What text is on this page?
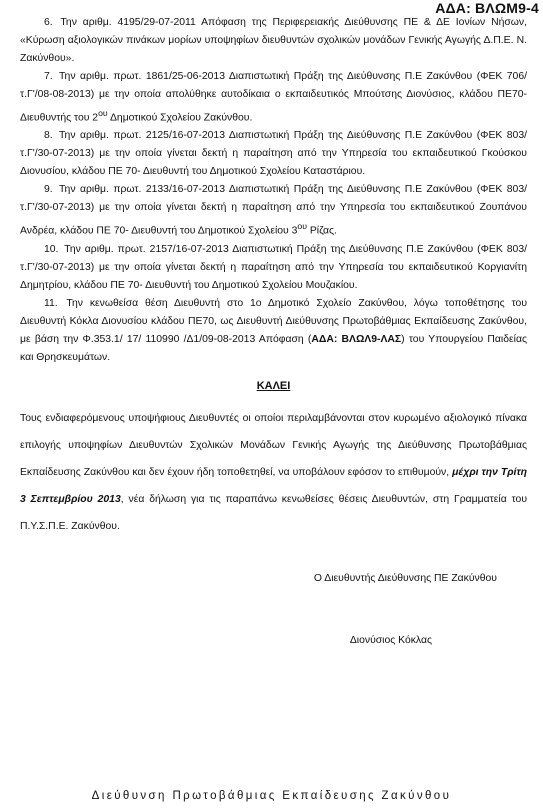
ΑΔΑ: ΒΛΩΜ9-4

6. Την αριθμ. 4195/29-07-2011 Απόφαση της Περιφερειακής Διεύθυνσης ΠΕ & ΔΕ Ιονίων Νήσων, «Κύρωση αξιολογικών πινάκων μορίων υποψηφίων διευθυντών σχολικών μονάδων Γενικής Αγωγής Δ.Π.Ε. Ν. Ζακύνθου».

7. Την αριθμ. πρωτ. 1861/25-06-2013 Διαπιστωτική Πράξη της Διεύθυνσης Π.Ε Ζακύνθου (ΦΕΚ 706/τ.Γ'/08-08-2013) με την οποία απολύθηκε αυτοδίκαια ο εκπαιδευτικός Μπούτσης Διονύσιος, κλάδου ΠΕ70-Διευθυντής του $2^{o\upsilon}$ Δημοτικού Σχολείου Ζακύνθου.

8. Την αριθμ. πρωτ. 2125/16-07-2013 Διαπιστωτική Πράξη της Διεύθυνσης Π.Ε Ζακύνθου (ΦΕΚ 803/τ.Γ'/30-07-2013) με την οποία γίνεται δεκτή η παραίτηση από την Υπηρεσία του εκπαιδευτικού Γκούσκου Διονυσίου, κλάδου ΠΕ 70- Διευθυντή του Δημοτικού Σχολείου Καταστάριου.

9. Την αριθμ. πρωτ. 2133/16-07-2013 Διαπιστωτική Πράξη της Διεύθυνσης Π.Ε Ζακύνθου (ΦΕΚ 803/τ.Γ'/30-07-2013) με την οποία γίνεται δεκτή η παραίτηση από την Υπηρεσία του εκπαιδευτικού Ζουπάνου Ανδρέα, κλάδου ΠΕ 70- Διευθυντή του Δημοτικού Σχολείου $3^{o\upsilon}$ Ρίζας.

10. Την αριθμ. πρωτ. 2157/16-07-2013 Διαπιστωτική Πράξη της Διεύθυνσης Π.Ε Ζακύνθου (ΦΕΚ 803/τ.Γ'/30-07-2013) με την οποία γίνεται δεκτή η παραίτηση από την Υπηρεσία του εκπαιδευτικού Κοργιανίτη Δημητρίου, κλάδου ΠΕ 70- Διευθυντή του Δημοτικού Σχολείου Μουζακίου.

11. Την κενωθείσα θέση Διευθυντή στο 1ο Δημοτικό Σχολείο Ζακύνθου, λόγω τοποθέτησης του Διευθυντή Κόκλα Διονυσίου κλάδου ΠΕ70, ως Διευθυντή Διεύθυνσης Πρωτοβάθμιας Εκπαίδευσης Ζακύνθου, με βάση την Φ.353.1/ 17/ 110990 /Δ1/09-08-2013 Απόφαση (ΑΔΑ: ΒΛΩΛ9-ΛΑΣ) του Υπουργείου Παιδείας και Θρησκευμάτων.

ΚΑΛΕΙ

Τους ενδιαφερόμενους υποψήφιους Διευθυντές οι οποίοι περιλαμβάνονται στον κυρωμένο αξιολογικό πίνακα επιλογής υποψηφίων Διευθυντών Σχολικών Μονάδων Γενικής Αγωγής της Διεύθυνσης Πρωτοβάθμιας Εκπαίδευσης Ζακύνθου και δεν έχουν ήδη τοποθετηθεί, να υποβάλουν εφόσον το επιθυμούν, μέχρι την Τρίτη 3 Σεπτεμβρίου 2013, νέα δήλωση για τις παραπάνω κενωθείσες θέσεις Διευθυντών, στη Γραμματεία του Π.Υ.Σ.Π.Ε. Ζακύνθου.

Ο Διευθυντής Διεύθυνσης ΠΕ Ζακύνθου
Διονύσιος Κόκλας
Διεύθυνση Πρωτοβάθμιας Εκπαίδευσης Ζακύνθου
